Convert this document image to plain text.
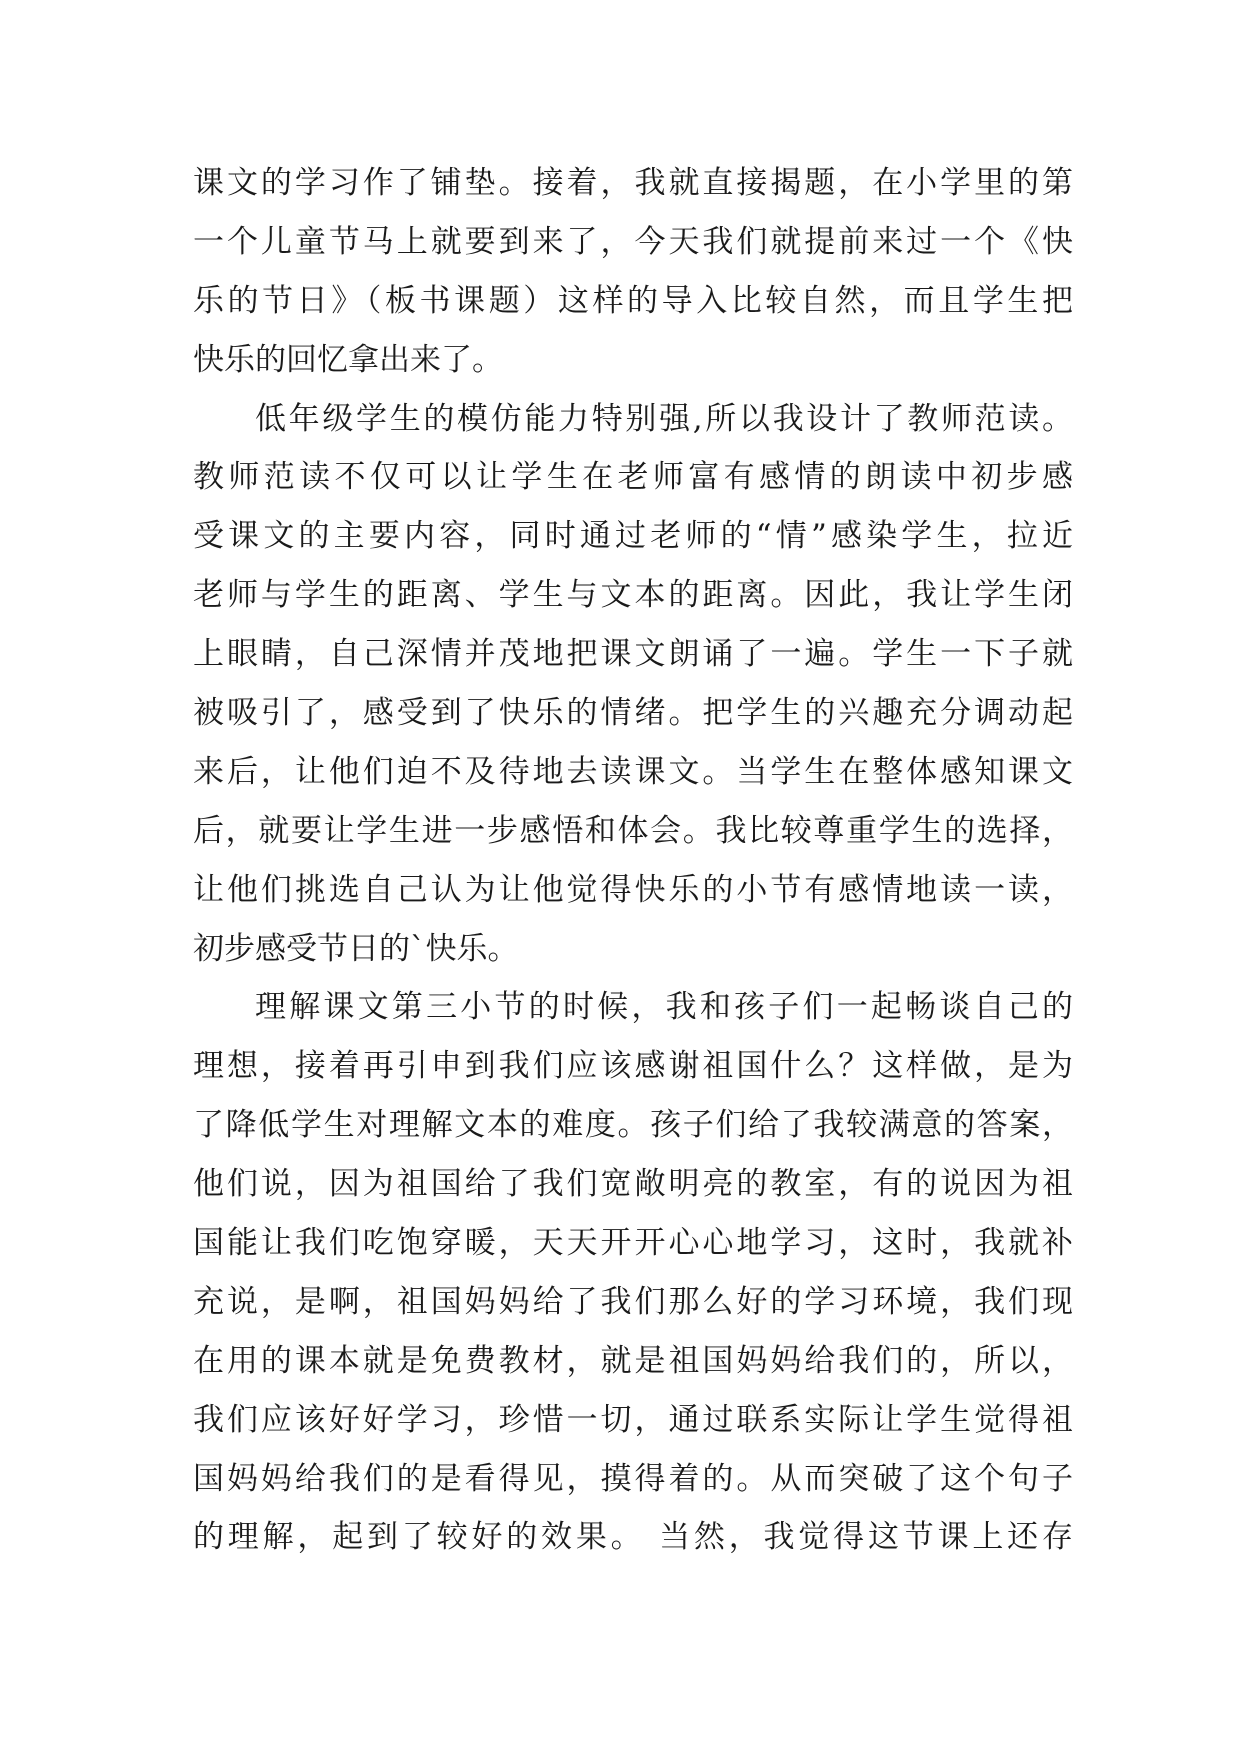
课文的学习作了铺垫。接着，我就直接揭题，在小学里的第
一个儿童节马上就要到来了，今天我们就提前来过一个《快
乐的节日》（板书课题）这样的导入比较自然，而且学生把
快乐的回忆拿出来了。
低年级学生的模仿能力特别强,所以我设计了教师范读。
教师范读不仅可以让学生在老师富有感情的朗读中初步感
受课文的主要内容，同时通过老师的“情”感染学生，拉近
老师与学生的距离、学生与文本的距离。因此，我让学生闭
上眼睛，自己深情并茂地把课文朗诵了一遍。学生一下子就
被吸引了，感受到了快乐的情绪。把学生的兴趣充分调动起
来后，让他们迫不及待地去读课文。当学生在整体感知课文
后，就要让学生进一步感悟和体会。我比较尊重学生的选择，
让他们挑选自己认为让他觉得快乐的小节有感情地读一读，
初步感受节日的`快乐。
理解课文第三小节的时候，我和孩子们一起畅谈自己的
理想，接着再引申到我们应该感谢祖国什么？这样做，是为
了降低学生对理解文本的难度。孩子们给了我较满意的答案，
他们说，因为祖国给了我们宽敞明亮的教室，有的说因为祖
国能让我们吃饱穿暖，天天开开心心地学习，这时，我就补
充说，是啊，祖国妈妈给了我们那么好的学习环境，我们现
在用的课本就是免费教材，就是祖国妈妈给我们的，所以，
我们应该好好学习，珍惜一切，通过联系实际让学生觉得祖
国妈妈给我们的是看得见，摸得着的。从而突破了这个句子
的理解，起到了较好的效果。 当然，我觉得这节课上还存
